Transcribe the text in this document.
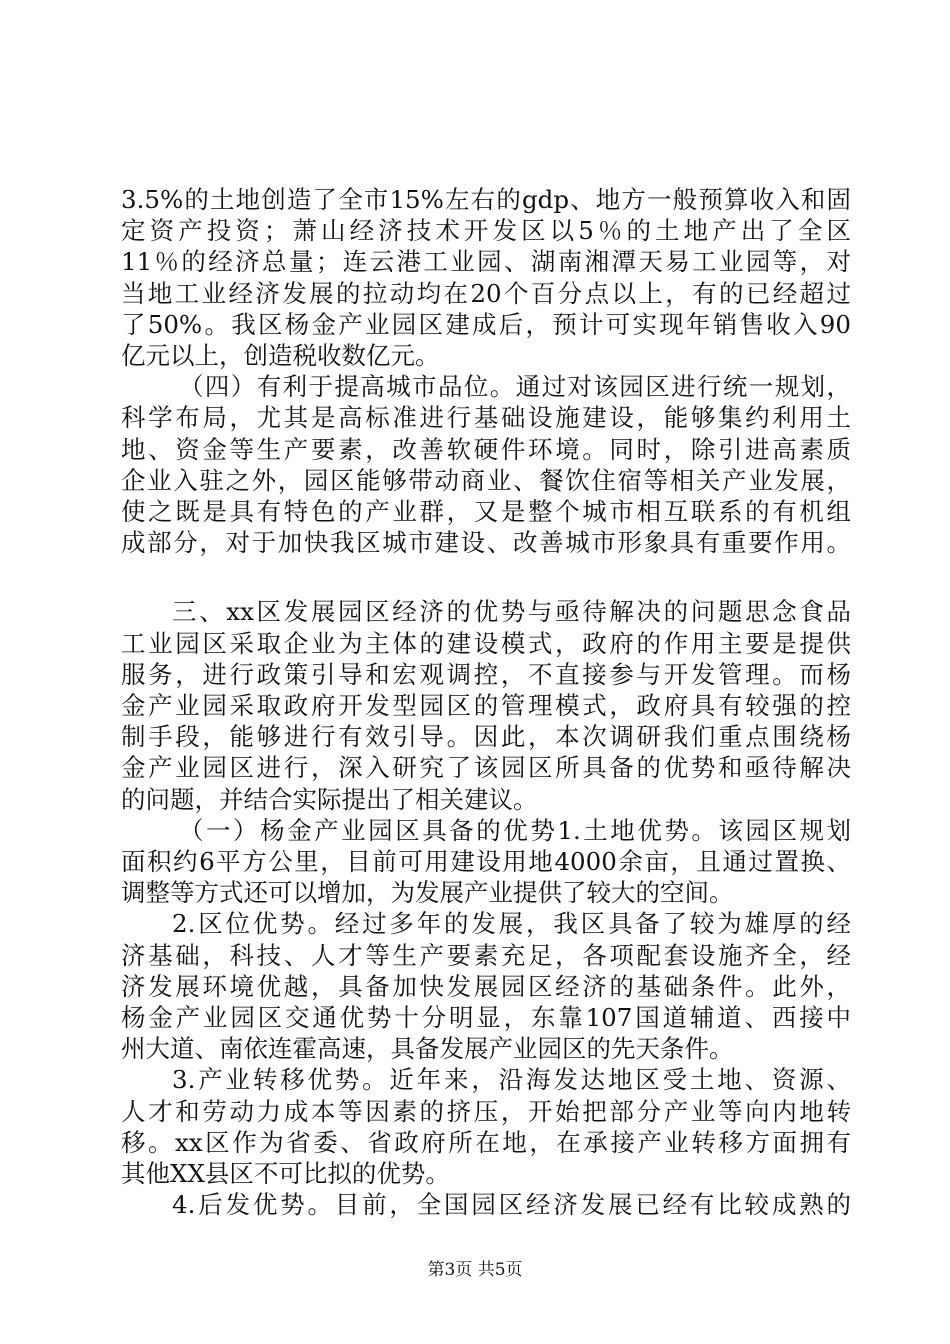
3.5%的土地创造了全市15%左右的gdp、地方一般预算收入和固
定资产投资；萧山经济技术开发区以5％的土地产出了全区
11％的经济总量；连云港工业园、湖南湘潭天易工业园等，对
当地工业经济发展的拉动均在20个百分点以上，有的已经超过
了50%。我区杨金产业园区建成后，预计可实现年销售收入90
亿元以上，创造税收数亿元。
（四）有利于提高城市品位。通过对该园区进行统一规划，
科学布局，尤其是高标准进行基础设施建设，能够集约利用土
地、资金等生产要素，改善软硬件环境。同时，除引进高素质
企业入驻之外，园区能够带动商业、餐饮住宿等相关产业发展，
使之既是具有特色的产业群，又是整个城市相互联系的有机组
成部分，对于加快我区城市建设、改善城市形象具有重要作用。
三、xx区发展园区经济的优势与亟待解决的问题思念食品
工业园区采取企业为主体的建设模式，政府的作用主要是提供
服务，进行政策引导和宏观调控，不直接参与开发管理。而杨
金产业园采取政府开发型园区的管理模式，政府具有较强的控
制手段，能够进行有效引导。因此，本次调研我们重点围绕杨
金产业园区进行，深入研究了该园区所具备的优势和亟待解决
的问题，并结合实际提出了相关建议。
（一）杨金产业园区具备的优势1.土地优势。该园区规划
面积约6平方公里，目前可用建设用地4000余亩，且通过置换、
调整等方式还可以增加，为发展产业提供了较大的空间。
2.区位优势。经过多年的发展，我区具备了较为雄厚的经
济基础，科技、人才等生产要素充足，各项配套设施齐全，经
济发展环境优越，具备加快发展园区经济的基础条件。此外，
杨金产业园区交通优势十分明显，东靠107国道辅道、西接中
州大道、南依连霍高速，具备发展产业园区的先天条件。
3.产业转移优势。近年来，沿海发达地区受土地、资源、
人才和劳动力成本等因素的挤压，开始把部分产业等向内地转
移。xx区作为省委、省政府所在地，在承接产业转移方面拥有
第3页 共5页
其他XX县区不可比拟的优势。
4.后发优势。目前，全国园区经济发展已经有比较成熟的
